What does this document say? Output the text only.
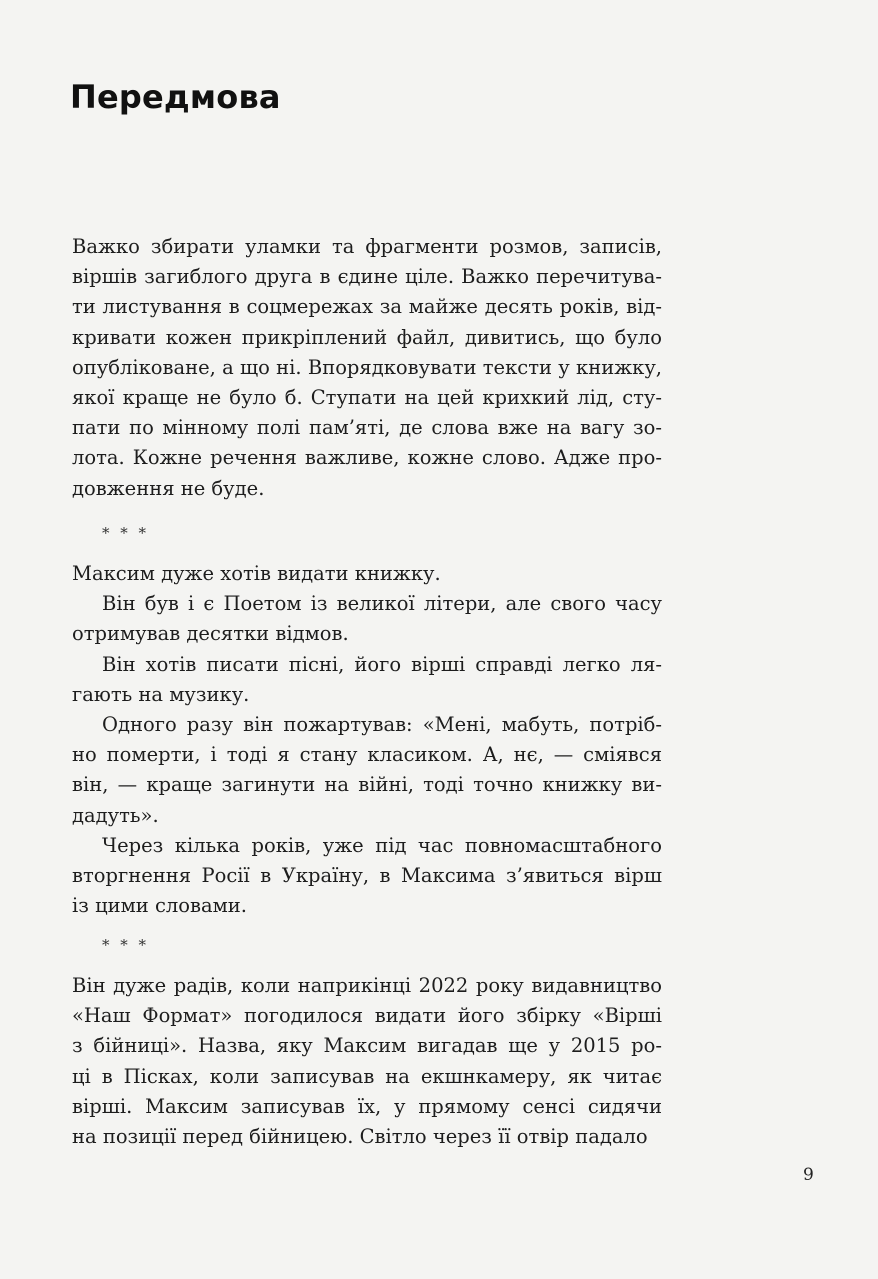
Передмова
Важко збирати уламки та фрагменти розмов, записів,
віршів загиблого друга в єдине ціле. Важко перечитува-
ти листування в соцмережах за майже десять років, від-
кривати кожен прикріплений файл, дивитись, що було
опубліковане, а що ні. Впорядковувати тексти у книжку,
якої краще не було б. Ступати на цей крихкий лід, сту-
пати по мінному полі пам’яті, де слова вже на вагу зо-
лота. Кожне речення важливе, кожне слово. Адже про-
довження не буде.
* * *
Максим дуже хотів видати книжку.
Він був і є Поетом із великої літери, але свого часу
отримував десятки відмов.
Він хотів писати пісні, його вірші справді легко ля-
гають на музику.
Одного разу він пожартував: «Мені, мабуть, потріб-
но померти, і тоді я стану класиком. А, нє, — сміявся
він, — краще загинути на війні, тоді точно книжку ви-
дадуть».
Через кілька років, уже під час повномасштабного
вторгнення Росії в Україну, в Максима з’явиться вірш
із цими словами.
* * *
Він дуже радів, коли наприкінці 2022 року видавництво
«Наш Формат» погодилося видати його збірку «Вірші
з бійниці». Назва, яку Максим вигадав ще у 2015 ро-
ці в Пісках, коли записував на екшнкамеру, як читає
вірші. Максим записував їх, у прямому сенсі сидячи
на позиції перед бійницею. Світло через її отвір падало
9
